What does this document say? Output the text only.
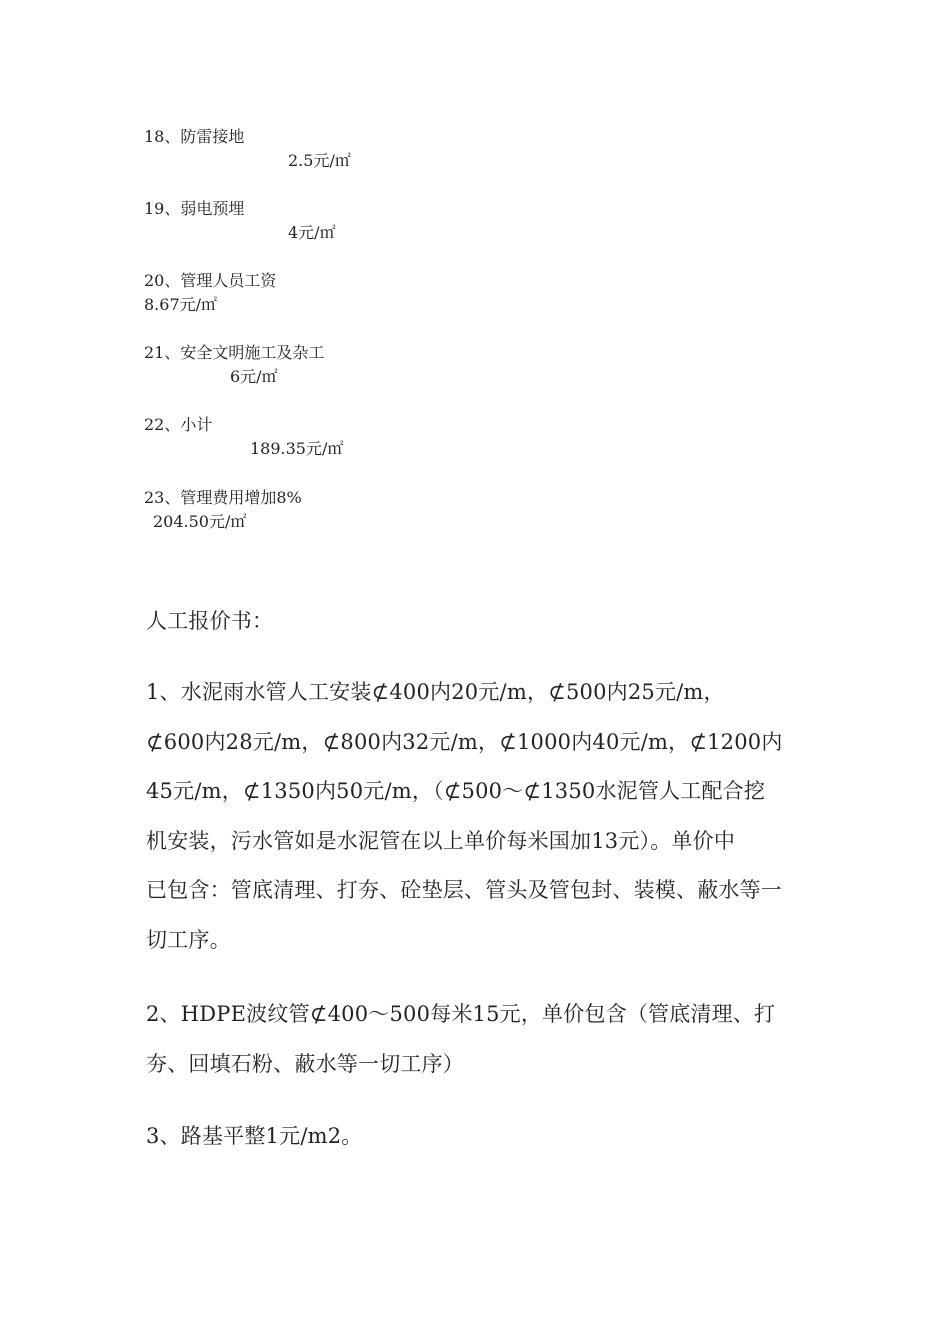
18、防雷接地
2.5元/㎡
19、弱电预埋
4元/㎡
20、管理人员工资
8.67元/㎡
21、安全文明施工及杂工
6元/㎡
22、小计
189.35元/㎡
23、管理费用增加8%
204.50元/㎡
人工报价书：
1、水泥雨水管人工安装⊄400内20元/m，⊄500内25元/m，
⊄600内28元/m，⊄800内32元/m，⊄1000内40元/m，⊄1200内
45元/m，⊄1350内50元/m，（⊄500～⊄1350水泥管人工配合挖
机安装，污水管如是水泥管在以上单价每米国加13元）。单价中
已包含：管底清理、打夯、砼垫层、管头及管包封、装模、蔽水等一
切工序。
2、HDPE波纹管⊄400～500每米15元，单价包含（管底清理、打
夯、回填石粉、蔽水等一切工序）
3、路基平整1元/m2。
